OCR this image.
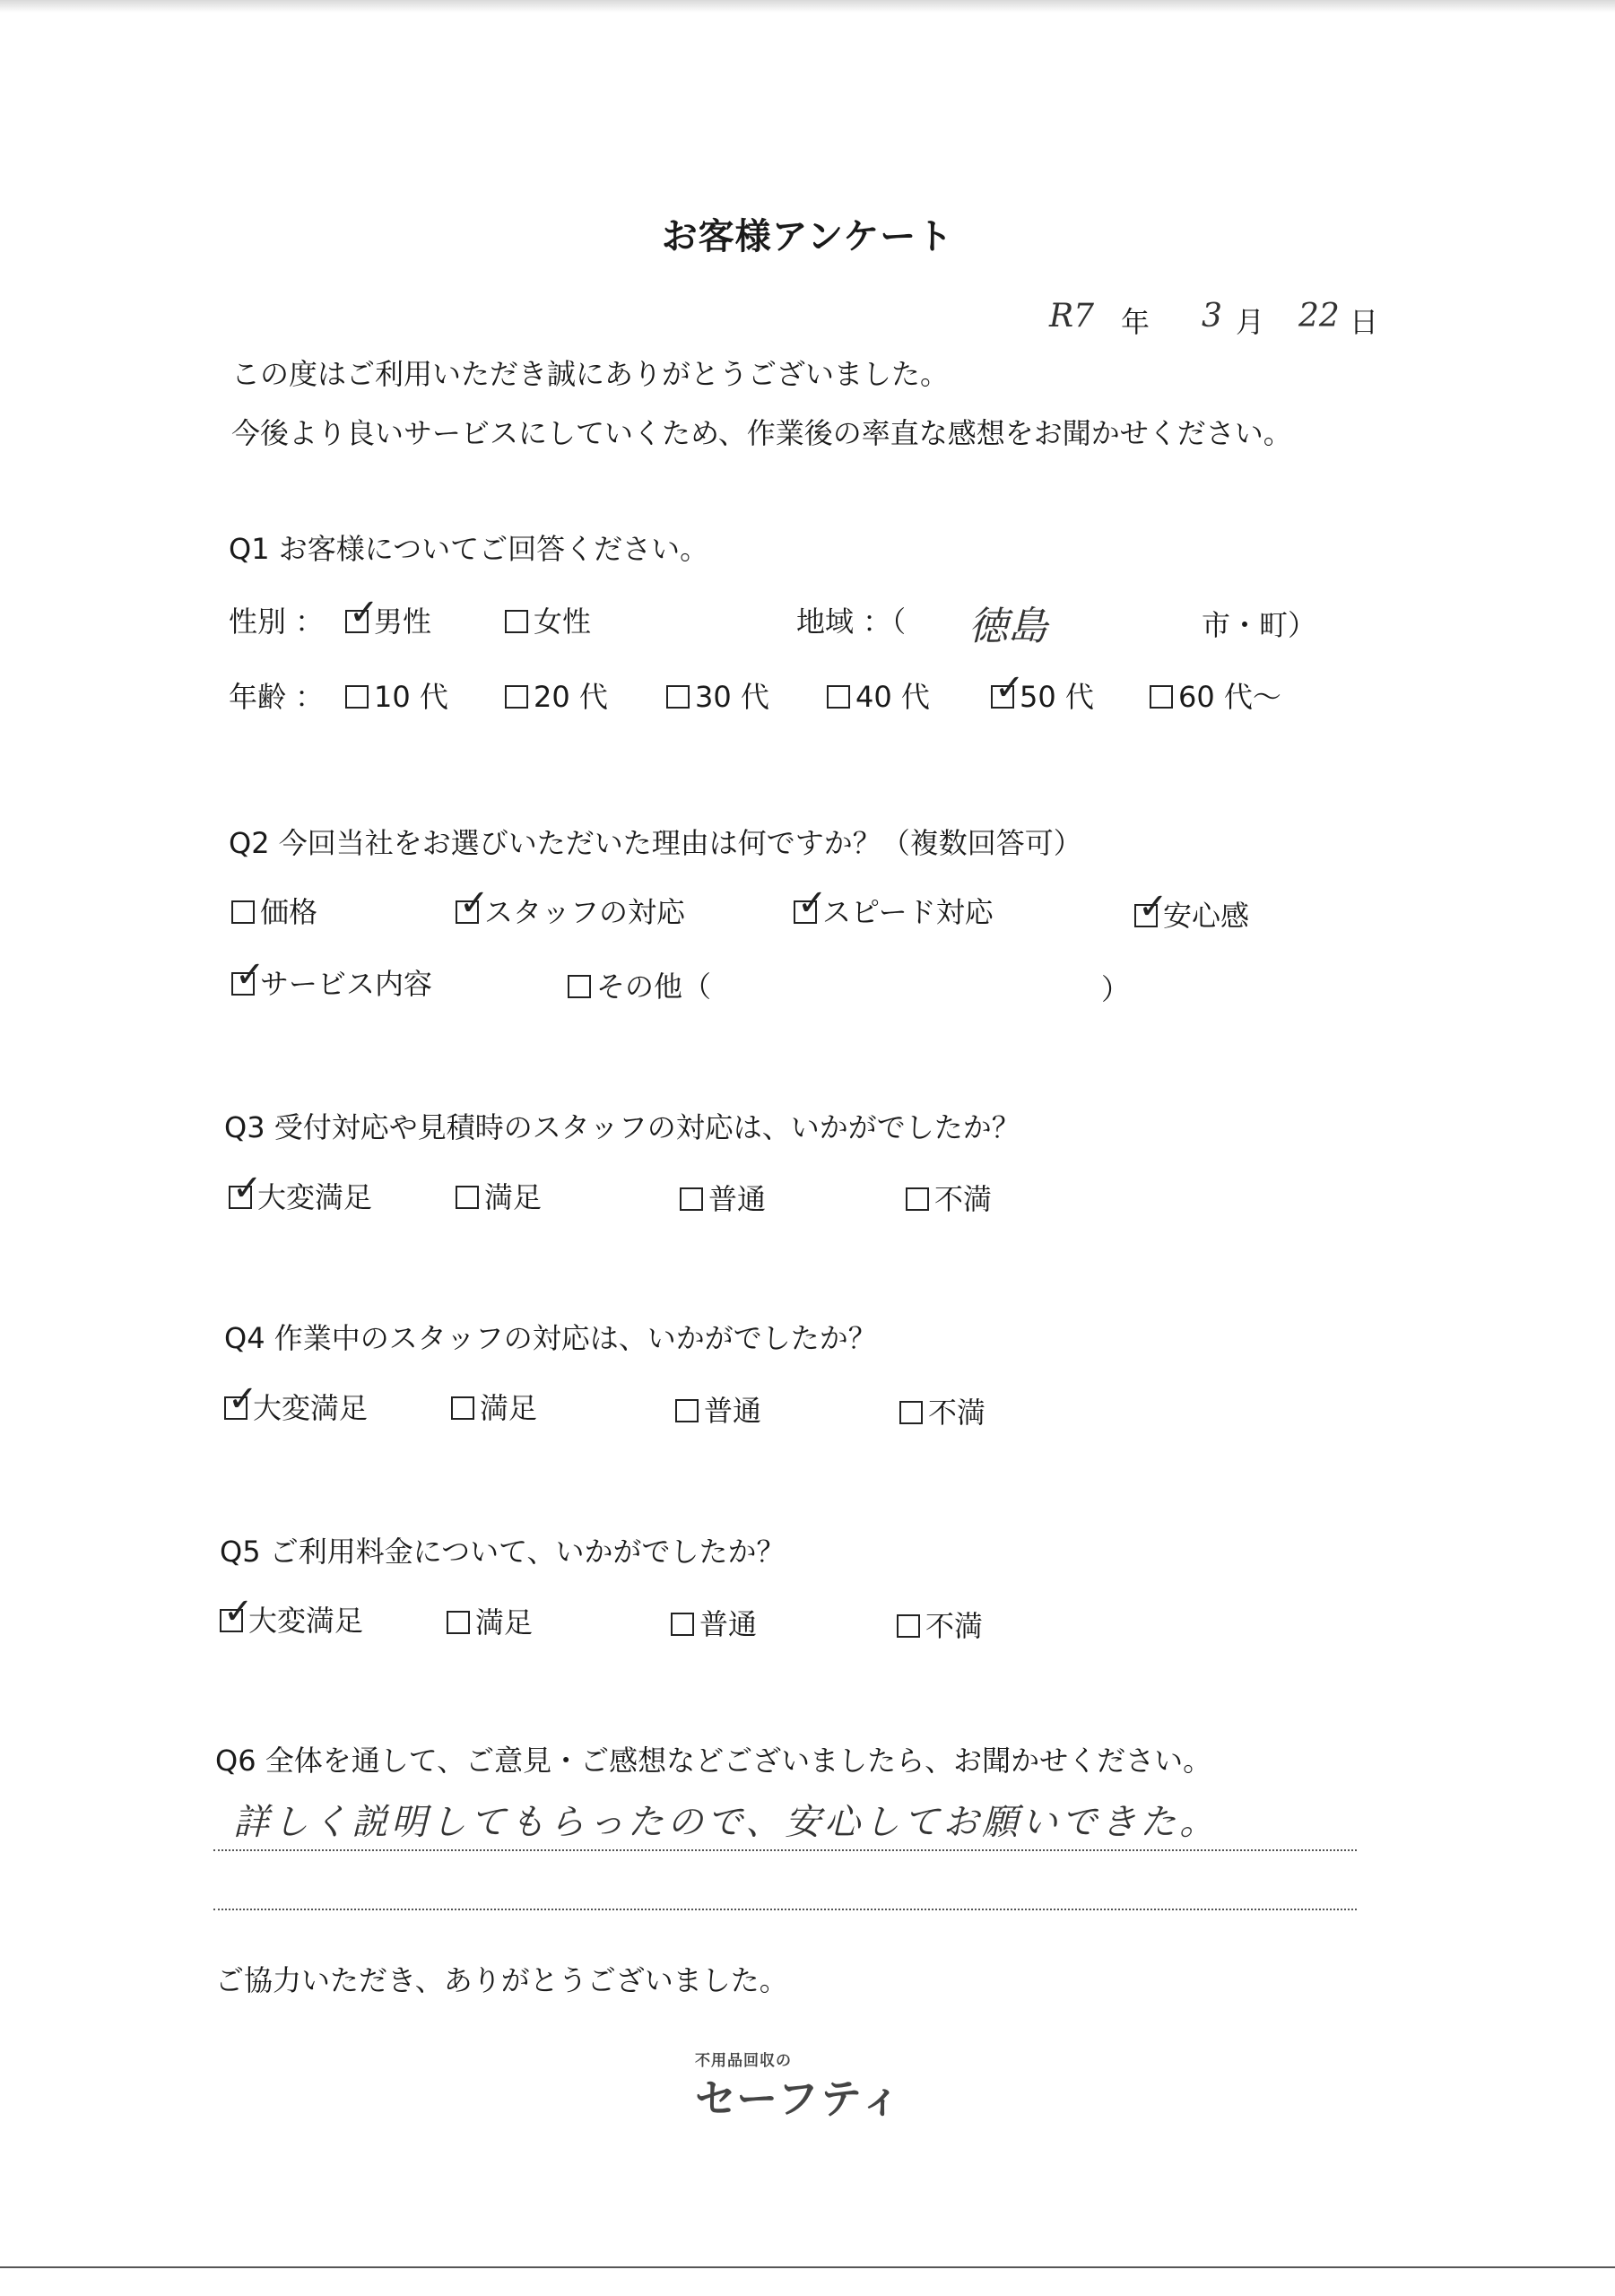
お客様アンケート
R7 年 3 月 22 日
この度はご利用いただき誠にありがとうございました。
今後より良いサービスにしていくため、作業後の率直な感想をお聞かせください。
Q1 お客様についてご回答ください。
性別 ： ✓	男性	女性	地域 ：（ 徳島	市・町）
年齢 ：	10 代	20 代	30 代	40 代 ✓	50 代	60 代～
Q2 今回当社をお選びいただいた理由は何ですか？（複数回答可）
価格 ✓	スタッフの対応 ✓	スピード対応 ✓	安心感
✓サービス内容	その他（	）
Q3 受付対応や見積時のスタッフの対応は、いかがでしたか？
✓大変満足	満足	普通	不満
Q4 作業中のスタッフの対応は、いかがでしたか？
✓大変満足	満足	普通	不満
Q5 ご利用料金について、いかがでしたか？
✓大変満足	満足	普通	不満
Q6 全体を通して、ご意見・ご感想などございましたら、お聞かせください。
詳しく説明してもらったので、安心してお願いできた。
ご協力いただき、ありがとうございました。
不用品回収の
セーフティ
